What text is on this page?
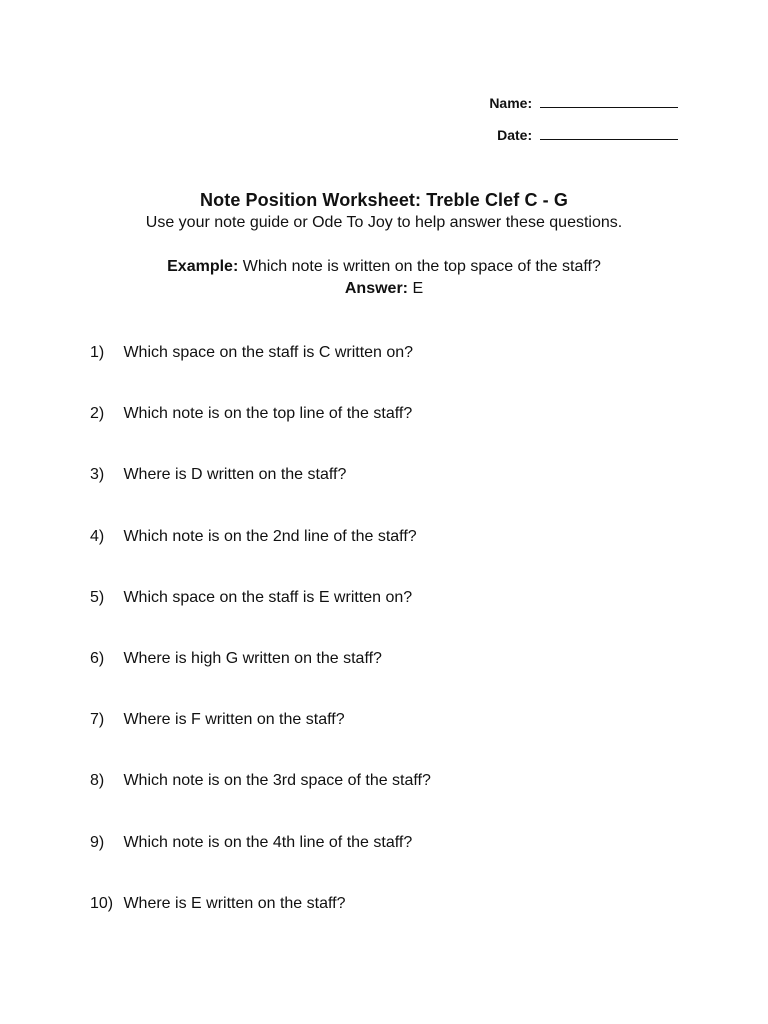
Name:
Date:
Note Position Worksheet: Treble Clef C - G
Use your note guide or Ode To Joy to help answer these questions.
Example: Which note is written on the top space of the staff?
Answer: E
1) Which space on the staff is C written on?
2) Which note is on the top line of the staff?
3) Where is D written on the staff?
4) Which note is on the 2nd line of the staff?
5) Which space on the staff is E written on?
6) Where is high G written on the staff?
7) Where is F written on the staff?
8) Which note is on the 3rd space of the staff?
9) Which note is on the 4th line of the staff?
10) Where is E written on the staff?
